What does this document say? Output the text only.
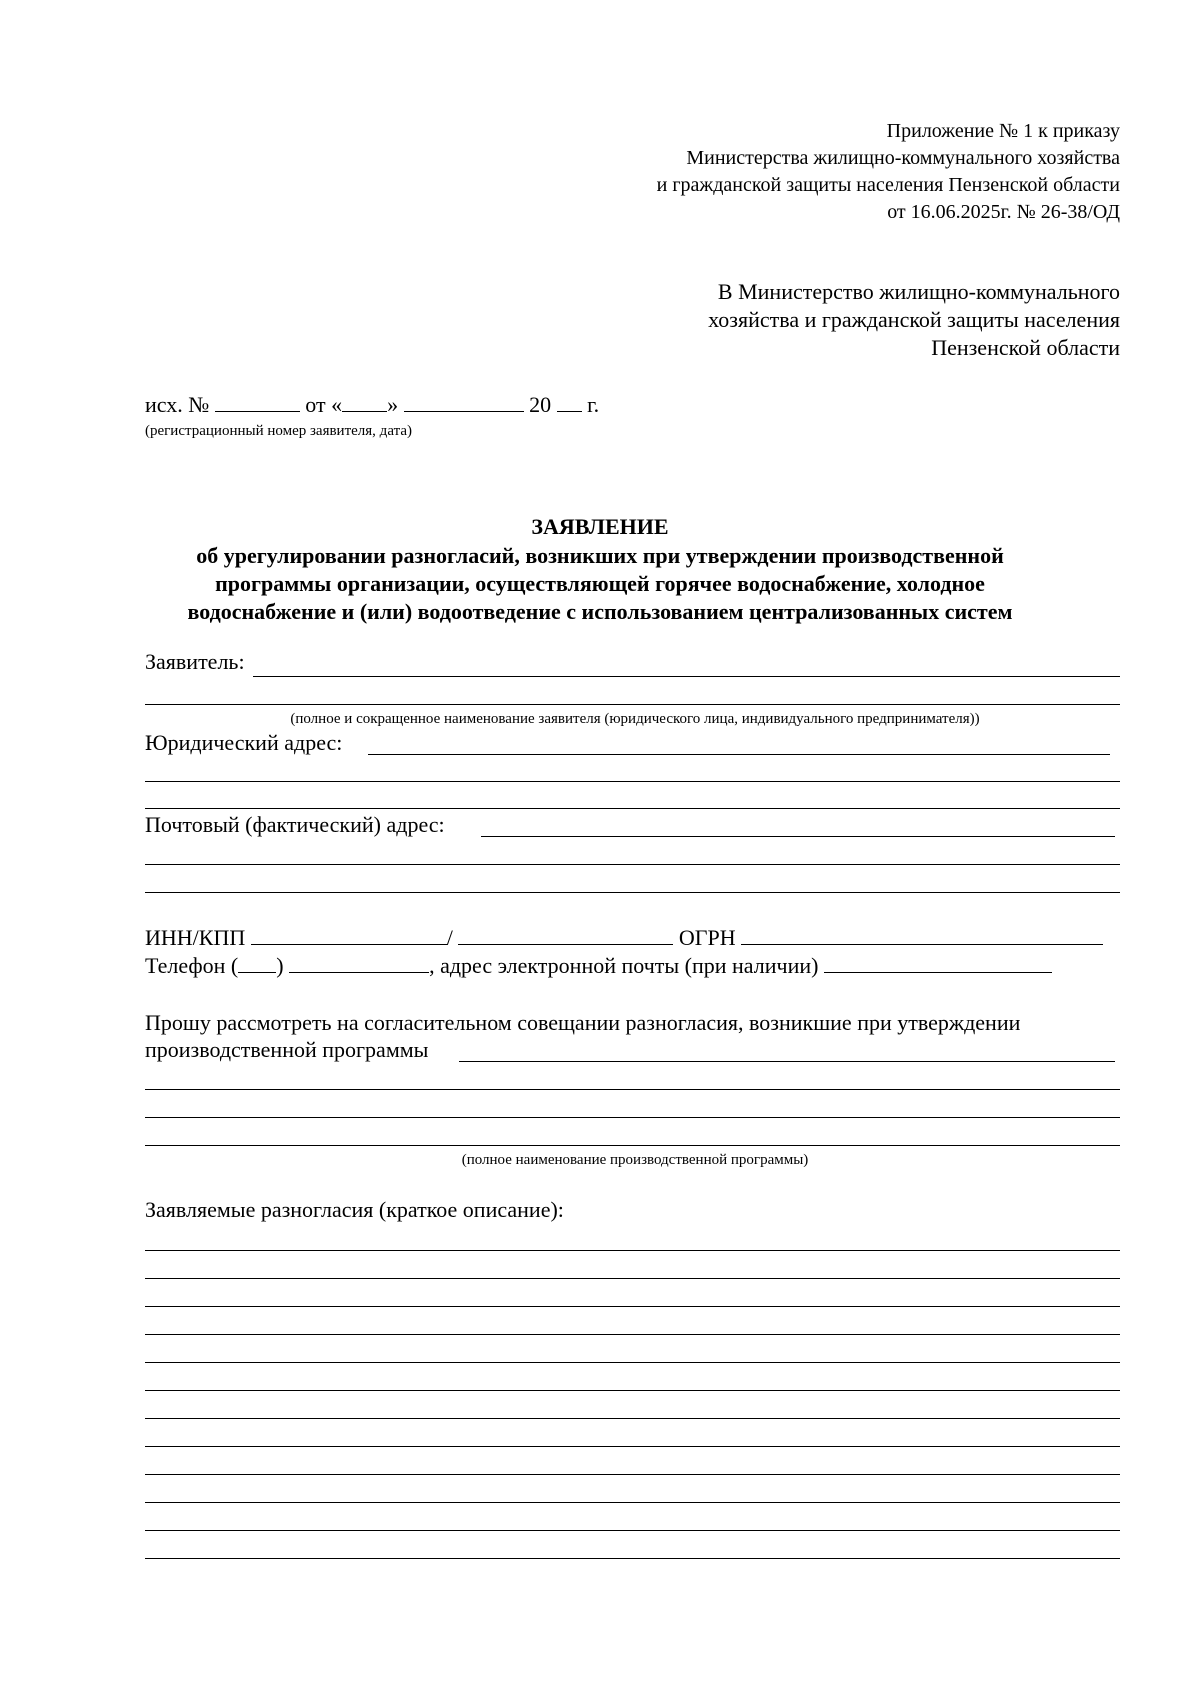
Приложение № 1 к приказу
Министерства жилищно-коммунального хозяйства
и гражданской защиты населения Пензенской области
от 16.06.2025г. № 26-38/ОД
В Министерство жилищно-коммунального
хозяйства и гражданской защиты населения
Пензенской области
исх. №	от « »	20 г.
(регистрационный номер заявителя, дата)
ЗАЯВЛЕНИЕ
об урегулировании разногласий, возникших при утверждении производственной
программы организации, осуществляющей горячее водоснабжение, холодное
водоснабжение и (или) водоотведение с использованием централизованных систем
Заявитель:
(полное и сокращенное наименование заявителя (юридического лица, индивидуального предпринимателя))
Юридический адрес:
Почтовый (фактический) адрес:
ИНН/КПП	/	ОГРН
Телефон ( )	, адрес электронной почты (при наличии)
Прошу рассмотреть на согласительном совещании разногласия, возникшие при утверждении
производственной программы
(полное наименование производственной программы)
Заявляемые разногласия (краткое описание):
